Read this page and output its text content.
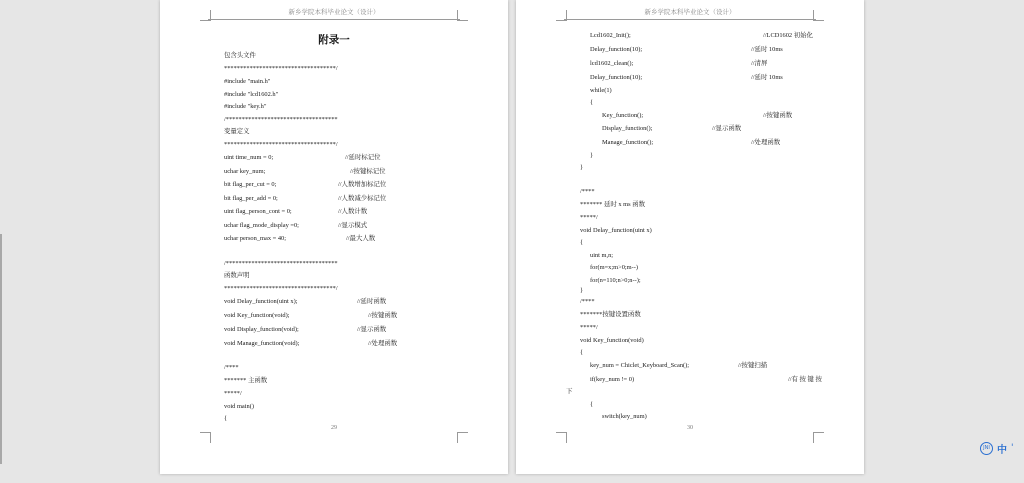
新乡学院本科毕业论文（设计）
附录一
包含头文件
***********************************/
#include "main.h"
#include "lcd1602.h"
#include "key.h"
/***********************************
变量定义
***********************************/
uint time_num = 0;	//延时标记位
uchar key_num;	//按键标记位
bit flag_per_cut = 0;	//人数增加标记位
bit flag_per_add = 0;	//人数减少标记位
uint flag_person_cont = 0;	//人数计数
uchar flag_mode_display =0;	//显示模式
uchar person_max = 40;	//最大人数
/***********************************
函数声明
***********************************/
void Delay_function(uint x);	//延时函数
void Key_function(void);	//按键函数
void Display_function(void);	//显示函数
void Manage_function(void);	//处理函数
/****
******* 主函数
*****/
void main()
{
29
新乡学院本科毕业论文（设计）
Lcd1602_Init();	//LCD1602 初始化
Delay_function(10);	//延时 10ms
lcd1602_clean();	//清屏
Delay_function(10);	//延时 10ms
while(1)
{
Key_function();	//按键函数
Display_function();	//显示函数
Manage_function();	//处理函数
}
}
/****
******* 延时 x ms 函数
*****/
void Delay_function(uint x)
{
uint m,n;
for(m=x;m>0;m--)
for(n=110;n>0;n--);
}
/****
*******按键设置函数
*****/
void Key_function(void)
{
key_num = Chiclet_Keyboard_Scan();	//按键扫描
if(key_num != 0)	//有 按 键 按
下
{
switch(key_num)
30
JNI 中 '
